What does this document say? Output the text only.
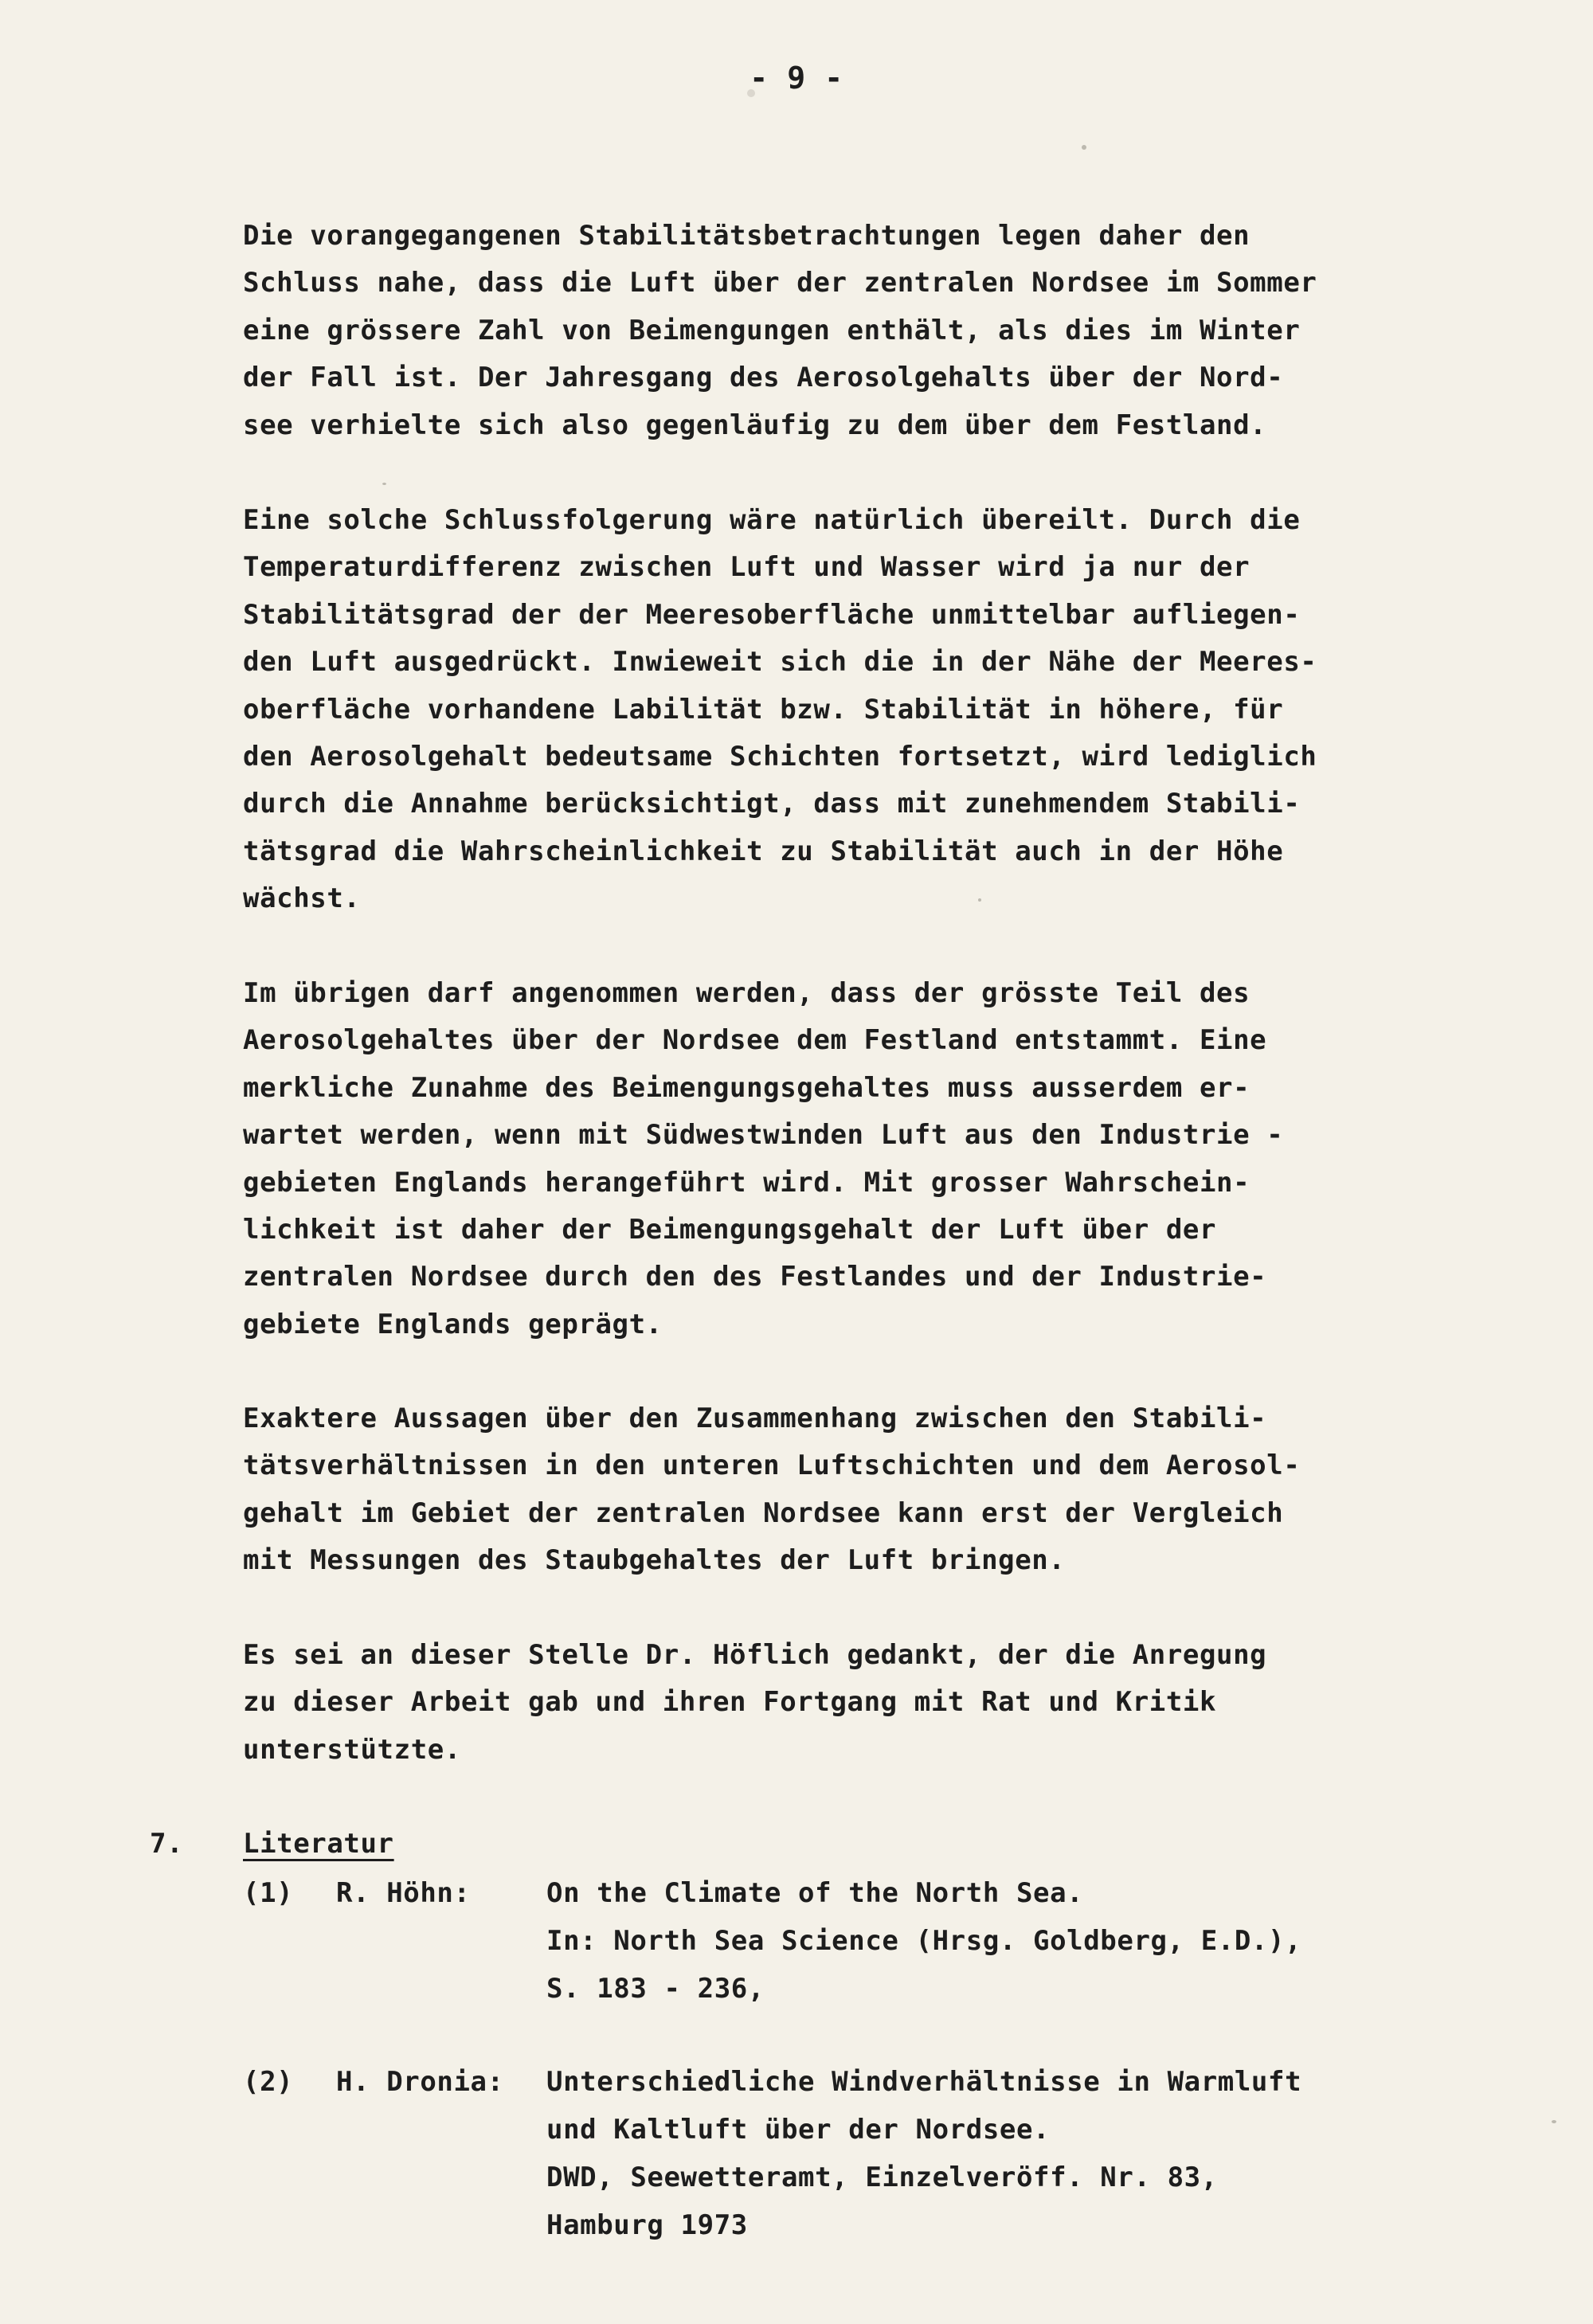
- 9 -
Die vorangegangenen Stabilitätsbetrachtungen legen daher den
Schluss nahe, dass die Luft über der zentralen Nordsee im Sommer
eine grössere Zahl von Beimengungen enthält, als dies im Winter
der Fall ist. Der Jahresgang des Aerosolgehalts über der Nord-
see verhielte sich also gegenläufig zu dem über dem Festland.
Eine solche Schlussfolgerung wäre natürlich übereilt. Durch die
Temperaturdifferenz zwischen Luft und Wasser wird ja nur der
Stabilitätsgrad der der Meeresoberfläche unmittelbar aufliegen-
den Luft ausgedrückt. Inwieweit sich die in der Nähe der Meeres-
oberfläche vorhandene Labilität bzw. Stabilität in höhere, für
den Aerosolgehalt bedeutsame Schichten fortsetzt, wird lediglich
durch die Annahme berücksichtigt, dass mit zunehmendem Stabili-
tätsgrad die Wahrscheinlichkeit zu Stabilität auch in der Höhe
wächst.
Im übrigen darf angenommen werden, dass der grösste Teil des
Aerosolgehaltes über der Nordsee dem Festland entstammt. Eine
merkliche Zunahme des Beimengungsgehaltes muss ausserdem er-
wartet werden, wenn mit Südwestwinden Luft aus den Industrie -
gebieten Englands herangeführt wird. Mit grosser Wahrschein-
lichkeit ist daher der Beimengungsgehalt der Luft über der
zentralen Nordsee durch den des Festlandes und der Industrie-
gebiete Englands geprägt.
Exaktere Aussagen über den Zusammenhang zwischen den Stabili-
tätsverhältnissen in den unteren Luftschichten und dem Aerosol-
gehalt im Gebiet der zentralen Nordsee kann erst der Vergleich
mit Messungen des Staubgehaltes der Luft bringen.
Es sei an dieser Stelle Dr. Höflich gedankt, der die Anregung
zu dieser Arbeit gab und ihren Fortgang mit Rat und Kritik
unterstützte.
7. Literatur
(1) R. Höhn:	On the Climate of the North Sea.
In: North Sea Science (Hrsg. Goldberg, E.D.),
S. 183 - 236,
(2) H. Dronia: Unterschiedliche Windverhältnisse in Warmluft
und Kaltluft über der Nordsee.
DWD, Seewetteramt, Einzelveröff. Nr. 83,
Hamburg 1973
